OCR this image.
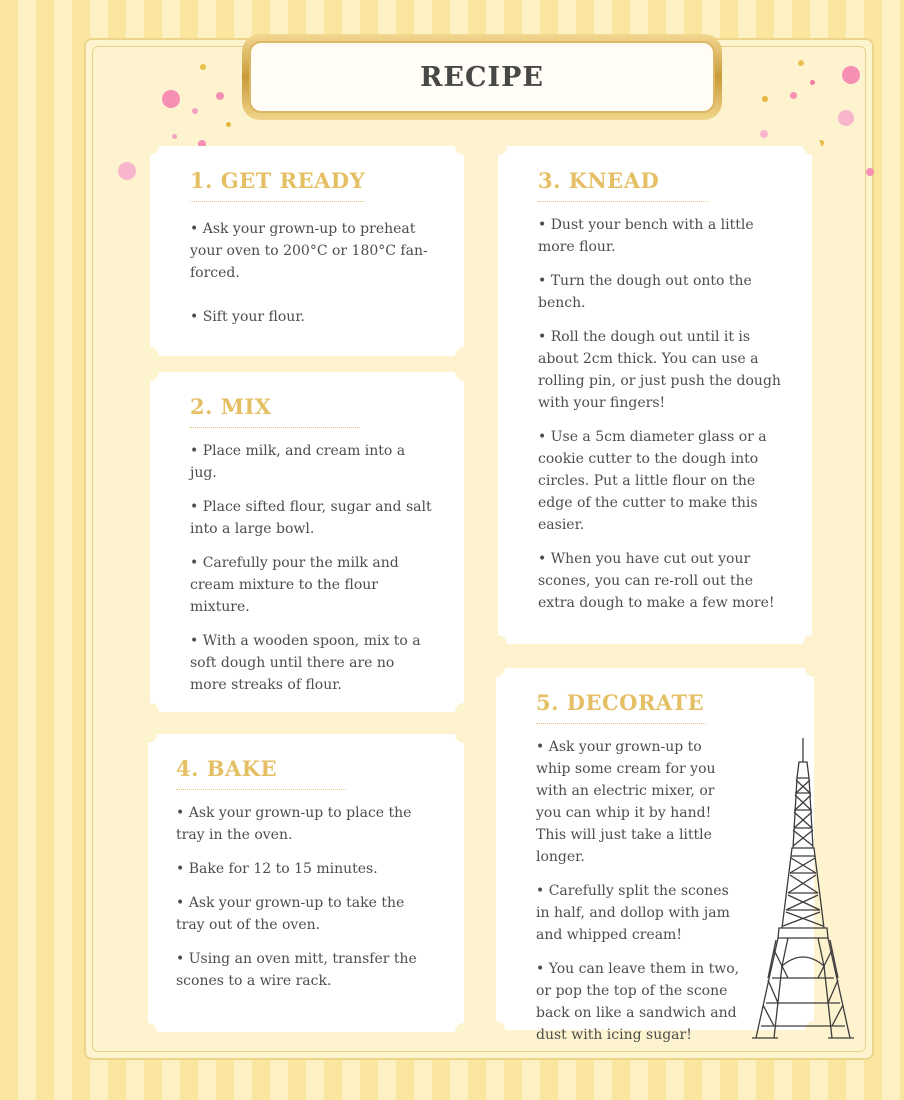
RECIPE
1. GET READY
• Ask your grown-up to preheat your oven to 200°C or 180°C fan-forced.
• Sift your flour.
2. MIX
• Place milk, and cream into a jug.
• Place sifted flour, sugar and salt into a large bowl.
• Carefully pour the milk and cream mixture to the flour mixture.
• With a wooden spoon, mix to a soft dough until there are no more streaks of flour.
3. KNEAD
• Dust your bench with a little more flour.
• Turn the dough out onto the bench.
• Roll the dough out until it is about 2cm thick. You can use a rolling pin, or just push the dough with your fingers!
• Use a 5cm diameter glass or a cookie cutter to the dough into circles. Put a little flour on the edge of the cutter to make this easier.
• When you have cut out your scones, you can re-roll out the extra dough to make a few more!
4. BAKE
• Ask your grown-up to place the tray in the oven.
• Bake for 12 to 15 minutes.
• Ask your grown-up to take the tray out of the oven.
• Using an oven mitt, transfer the scones to a wire rack.
5. DECORATE
• Ask your grown-up to whip some cream for you with an electric mixer, or you can whip it by hand! This will just take a little longer.
• Carefully split the scones in half, and dollop with jam and whipped cream!
• You can leave them in two, or pop the top of the scone back on like a sandwich and dust with icing sugar!
